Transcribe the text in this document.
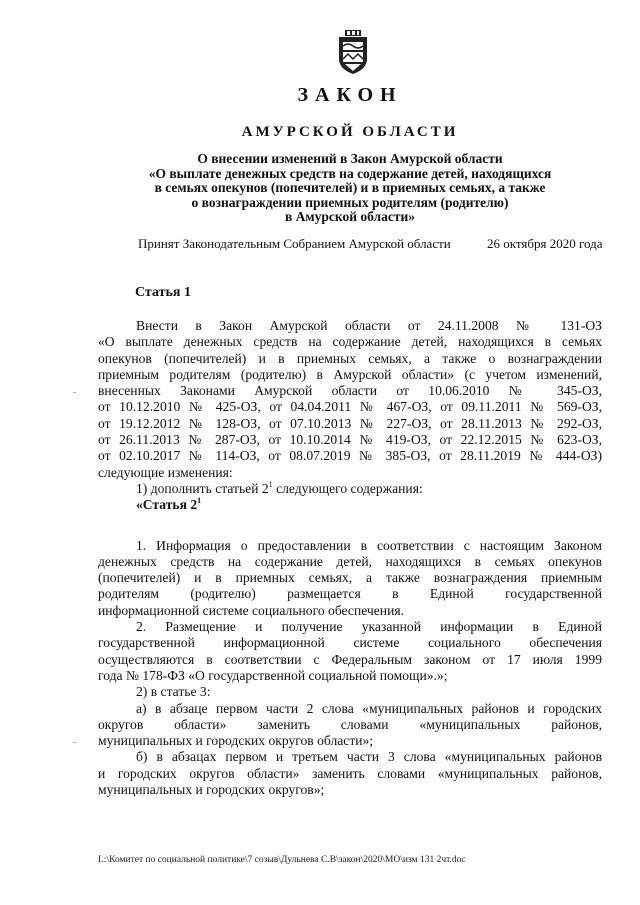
ЗАКОН
АМУРСКОЙ ОБЛАСТИ
О внесении изменений в Закон Амурской области
«О выплате денежных средств на содержание детей, находящихся
в семьях опекунов (попечителей) и в приемных семьях, а также
о вознаграждении приемных родителям (родителю)
в Амурской области»
Принят Законодательным Собранием Амурской области	26 октября 2020 года
Статья 1
Внести в Закон Амурской области от 24.11.2008 № 131-ОЗ
«О выплате денежных средств на содержание детей, находящихся в семьях
опекунов (попечителей) и в приемных семьях, а также о вознаграждении
приемным родителям (родителю) в Амурской области» (с учетом изменений,
внесенных Законами Амурской области от 10.06.2010 № 345-ОЗ,
от 10.12.2010 № 425-ОЗ, от 04.04.2011 № 467-ОЗ, от 09.11.2011 № 569-ОЗ,
от 19.12.2012 № 128-ОЗ, от 07.10.2013 № 227-ОЗ, от 28.11.2013 № 292-ОЗ,
от 26.11.2013 № 287-ОЗ, от 10.10.2014 № 419-ОЗ, от 22.12.2015 № 623-ОЗ,
от 02.10.2017 № 114-ОЗ, от 08.07.2019 № 385-ОЗ, от 28.11.2019 № 444-ОЗ)
следующие изменения:
1) дополнить статьей $2^1$ следующего содержания:
«Статья $2^1$
1. Информация о предоставлении в соответствии с настоящим Законом
денежных средств на содержание детей, находящихся в семьях опекунов
(попечителей) и в приемных семьях, а также вознаграждения приемным
родителям (родителю) размещается в Единой государственной
информационной системе социального обеспечения.
2. Размещение и получение указанной информации в Единой
государственной информационной системе социального обеспечения
осуществляются в соответствии с Федеральным законом от 17 июля 1999
года № 178-ФЗ «О государственной социальной помощи».»;
2) в статье 3:
а) в абзаце первом части 2 слова «муниципальных районов и городских
округов области» заменить словами «муниципальных районов,
муниципальных и городских округов области»;
б) в абзацах первом и третьем части 3 слова «муниципальных районов
и городских округов области» заменить словами «муниципальных районов,
муниципальных и городских округов»;
L:\Комитет по социальной политике\7 созыв\Дульнева С.В\закон\2020\МО\изм 131 2чт.doc
